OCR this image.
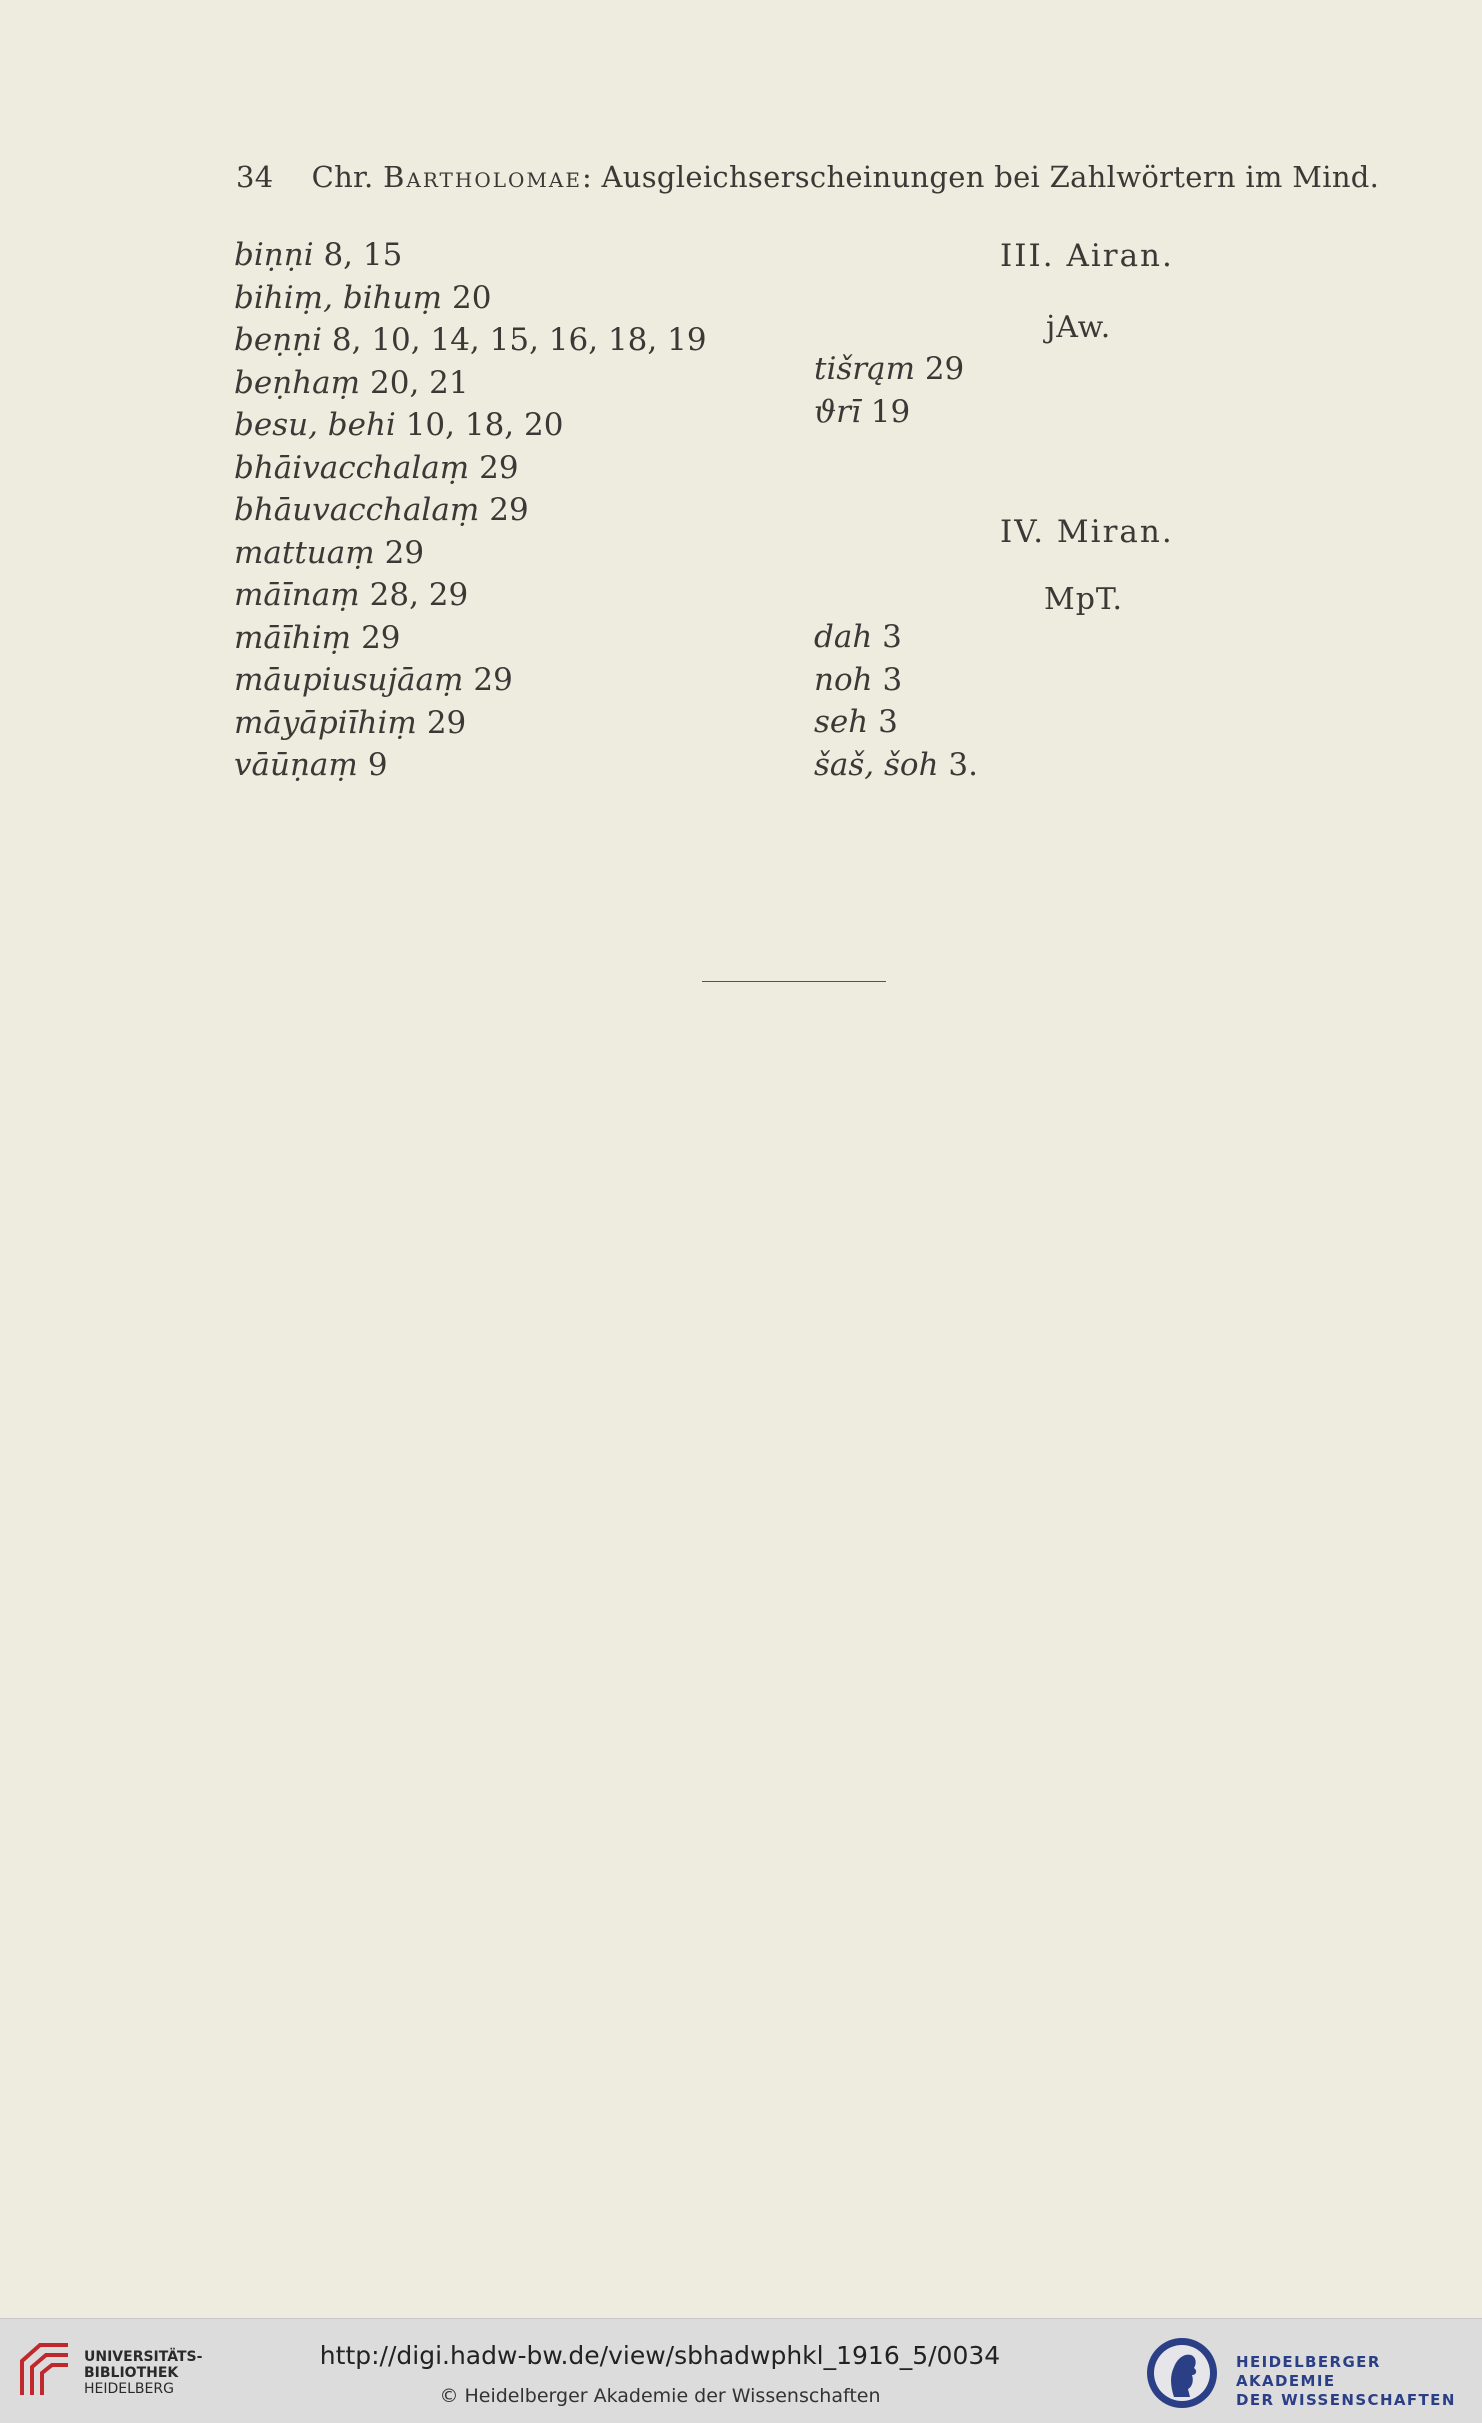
34 Chr. Bartholomae: Ausgleichserscheinungen bei Zahlwörtern im Mind.
biṇṇi 8, 15
bihiṃ, bihuṃ 20
beṇṇi 8, 10, 14, 15, 16, 18, 19
beṇhaṃ 20, 21
besu, behi 10, 18, 20
bhāivacchalaṃ 29
bhāuvacchalaṃ 29
mattuaṃ 29
māīnaṃ 28, 29
māīhiṃ 29
māupiusujāaṃ 29
māyāpiīhiṃ 29
vāūṇaṃ 9
tišrąm 29
ϑrī 19
dah 3
noh 3
seh 3
šaš, šoh 3.
III. Airan.
jAw.
IV. Miran.
MpT.
UNIVERSITÄTS-
BIBLIOTHEK
HEIDELBERG
http://digi.hadw-bw.de/view/sbhadwphkl_1916_5/0034
© Heidelberger Akademie der Wissenschaften
HEIDELBERGER AKADEMIE
DER WISSENSCHAFTEN
